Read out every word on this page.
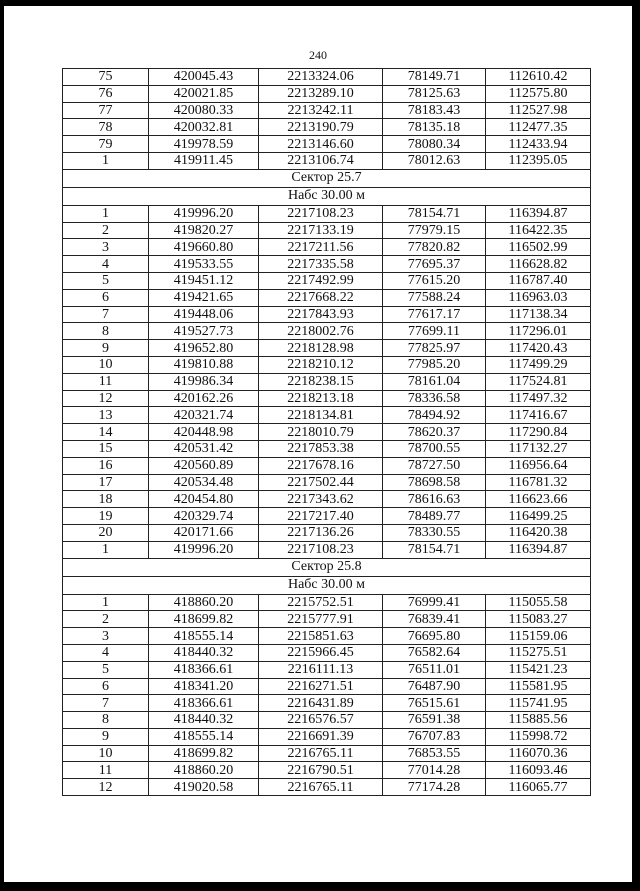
240
75	420045.43	2213324.06	78149.71	112610.42
76	420021.85	2213289.10	78125.63	112575.80
77	420080.33	2213242.11	78183.43	112527.98
78	420032.81	2213190.79	78135.18	112477.35
79	419978.59	2213146.60	78080.34	112433.94
1	419911.45	2213106.74	78012.63	112395.05
Сектор 25.7				
Набс 30.00 м				
1	419996.20	2217108.23	78154.71	116394.87
2	419820.27	2217133.19	77979.15	116422.35
3	419660.80	2217211.56	77820.82	116502.99
4	419533.55	2217335.58	77695.37	116628.82
5	419451.12	2217492.99	77615.20	116787.40
6	419421.65	2217668.22	77588.24	116963.03
7	419448.06	2217843.93	77617.17	117138.34
8	419527.73	2218002.76	77699.11	117296.01
9	419652.80	2218128.98	77825.97	117420.43
10	419810.88	2218210.12	77985.20	117499.29
11	419986.34	2218238.15	78161.04	117524.81
12	420162.26	2218213.18	78336.58	117497.32
13	420321.74	2218134.81	78494.92	117416.67
14	420448.98	2218010.79	78620.37	117290.84
15	420531.42	2217853.38	78700.55	117132.27
16	420560.89	2217678.16	78727.50	116956.64
17	420534.48	2217502.44	78698.58	116781.32
18	420454.80	2217343.62	78616.63	116623.66
19	420329.74	2217217.40	78489.77	116499.25
20	420171.66	2217136.26	78330.55	116420.38
1	419996.20	2217108.23	78154.71	116394.87
Сектор 25.8				
Набс 30.00 м				
1	418860.20	2215752.51	76999.41	115055.58
2	418699.82	2215777.91	76839.41	115083.27
3	418555.14	2215851.63	76695.80	115159.06
4	418440.32	2215966.45	76582.64	115275.51
5	418366.61	2216111.13	76511.01	115421.23
6	418341.20	2216271.51	76487.90	115581.95
7	418366.61	2216431.89	76515.61	115741.95
8	418440.32	2216576.57	76591.38	115885.56
9	418555.14	2216691.39	76707.83	115998.72
10	418699.82	2216765.11	76853.55	116070.36
11	418860.20	2216790.51	77014.28	116093.46
12	419020.58	2216765.11	77174.28	116065.77
